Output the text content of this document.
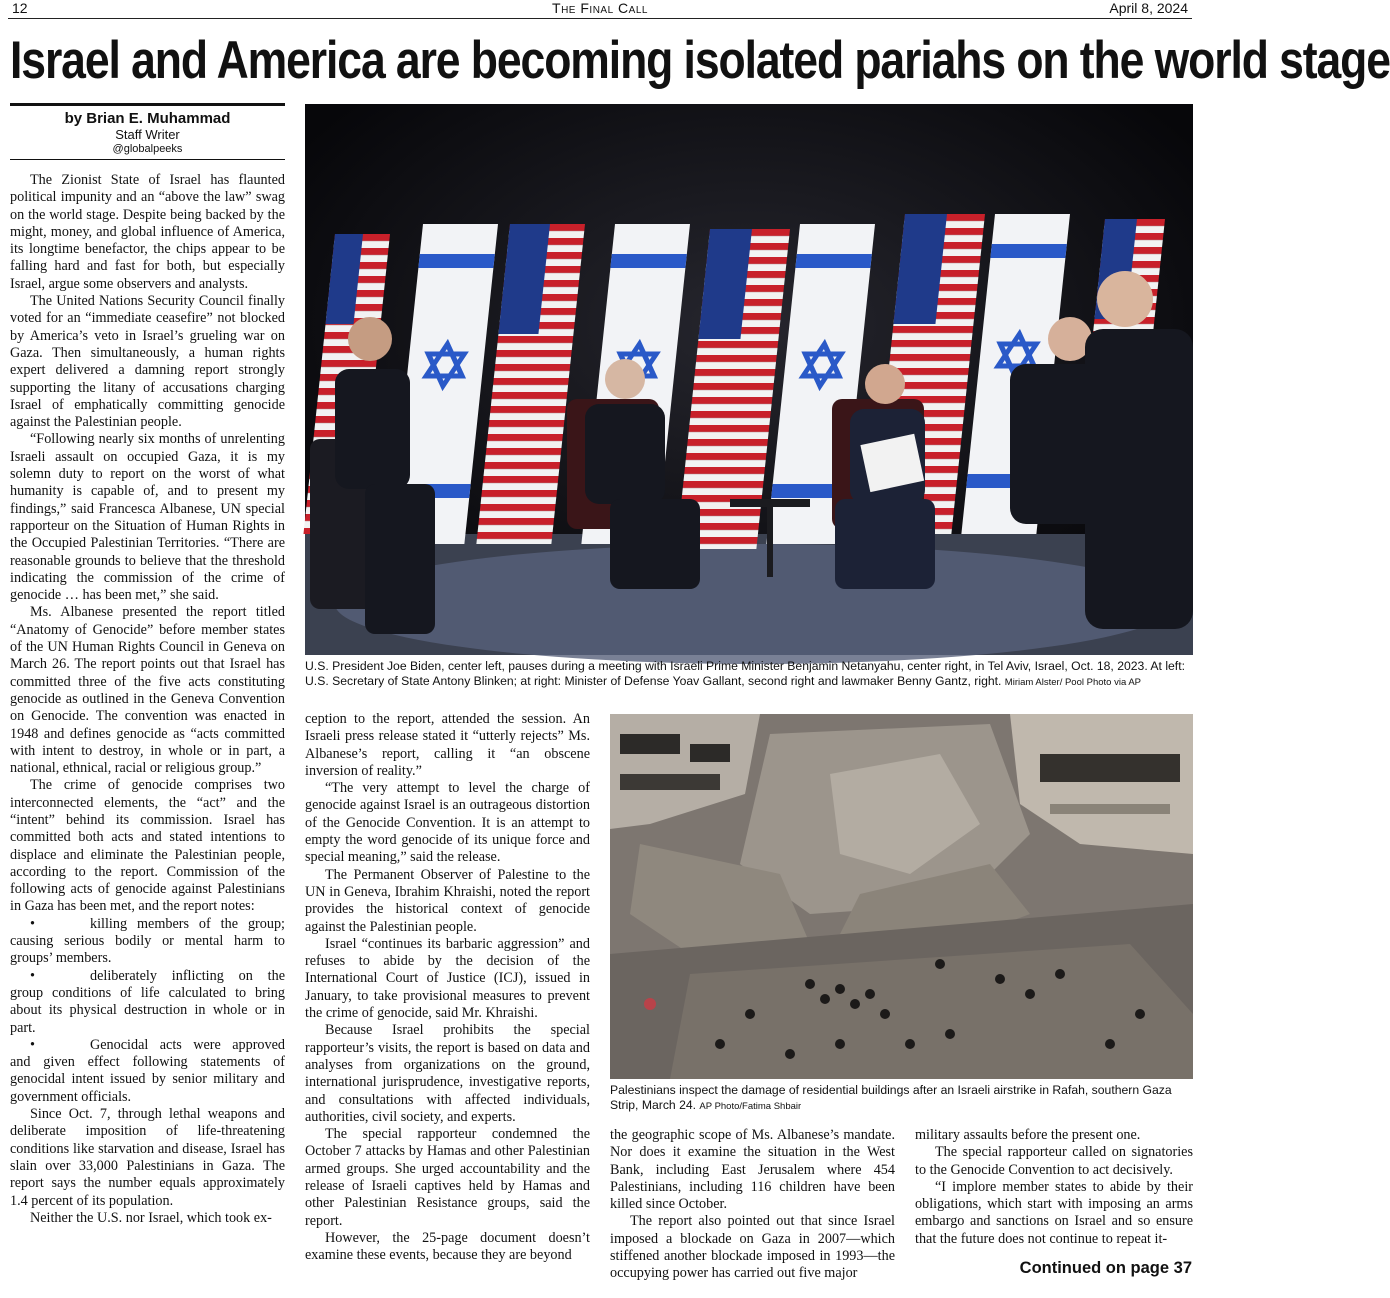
12	The Final Call	April 8, 2024
Israel and America are becoming isolated pariahs on the world stage
by Brian E. Muhammad
Staff Writer
@globalpeeks

The Zionist State of Israel has flaunted political impunity and an “above the law” swag on the world stage. Despite being backed by the might, money, and global influence of America, its longtime benefactor, the chips appear to be falling hard and fast for both, but especially Israel, argue some observers and analysts.

The United Nations Security Council finally voted for an “immediate ceasefire” not blocked by America’s veto in Israel’s grueling war on Gaza. Then simultaneously, a human rights expert delivered a damning report strongly supporting the litany of accusations charging Israel of emphatically committing genocide against the Palestinian people.

“Following nearly six months of unrelenting Israeli assault on occupied Gaza, it is my solemn duty to report on the worst of what humanity is capable of, and to present my findings,” said Francesca Albanese, UN special rapporteur on the Situation of Human Rights in the Occupied Palestinian Territories. “There are reasonable grounds to believe that the threshold indicating the commission of the crime of genocide … has been met,” she said.

Ms. Albanese presented the report titled “Anatomy of Genocide” before member states of the UN Human Rights Council in Geneva on March 26. The report points out that Israel has committed three of the five acts constituting genocide as outlined in the Geneva Convention on Genocide. The convention was enacted in 1948 and defines genocide as “acts committed with intent to destroy, in whole or in part, a national, ethnical, racial or religious group.”

The crime of genocide comprises two interconnected elements, the “act” and the “intent” behind its commission. Israel has committed both acts and stated intentions to displace and eliminate the Palestinian people, according to the report. Commission of the following acts of genocide against Palestinians in Gaza has been met, and the report notes:

•	killing members of the group; causing serious bodily or mental harm to groups’ members.

•	deliberately inflicting on the group conditions of life calculated to bring about its physical destruction in whole or in part.

•	Genocidal acts were approved and given effect following statements of genocidal intent issued by senior military and government officials.

Since Oct. 7, through lethal weapons and deliberate imposition of life-threatening conditions like starvation and disease, Israel has slain over 33,000 Palestinians in Gaza. The report says the number equals approximately 1.4 percent of its population.

Neither the U.S. nor Israel, which took ex-

U.S. President Joe Biden, center left, pauses during a meeting with Israeli Prime Minister Benjamin Netanyahu, center right, in Tel Aviv, Israel, Oct. 18, 2023. At left: U.S. Secretary of State Antony Blinken; at right: Minister of Defense Yoav Gallant, second right and lawmaker Benny Gantz, right. Miriam Alster/ Pool Photo via AP

ception to the report, attended the session. An Israeli press release stated it “utterly rejects” Ms. Albanese’s report, calling it “an obscene inversion of reality.”

“The very attempt to level the charge of genocide against Israel is an outrageous distortion of the Genocide Convention. It is an attempt to empty the word genocide of its unique force and special meaning,” said the release.

The Permanent Observer of Palestine to the UN in Geneva, Ibrahim Khraishi, noted the report provides the historical context of genocide against the Palestinian people.

Israel “continues its barbaric aggression” and refuses to abide by the decision of the International Court of Justice (ICJ), issued in January, to take provisional measures to prevent the crime of genocide, said Mr. Khraishi.

Because Israel prohibits the special rapporteur’s visits, the report is based on data and analyses from organizations on the ground, international jurisprudence, investigative reports, and consultations with affected individuals, authorities, civil society, and experts.

The special rapporteur condemned the October 7 attacks by Hamas and other Palestinian armed groups. She urged accountability and the release of Israeli captives held by Hamas and other Palestinian Resistance groups, said the report.

However, the 25-page document doesn’t examine these events, because they are beyond

Palestinians inspect the damage of residential buildings after an Israeli airstrike in Rafah, southern Gaza Strip, March 24. AP Photo/Fatima Shbair

the geographic scope of Ms. Albanese’s mandate. Nor does it examine the situation in the West Bank, including East Jerusalem where 454 Palestinians, including 116 children have been killed since October.

The report also pointed out that since Israel imposed a blockade on Gaza in 2007—which stiffened another blockade imposed in 1993—the occupying power has carried out five major

military assaults before the present one.

The special rapporteur called on signatories to the Genocide Convention to act decisively.

“I implore member states to abide by their obligations, which start with imposing an arms embargo and sanctions on Israel and so ensure that the future does not continue to repeat it-

Continued on page 37
